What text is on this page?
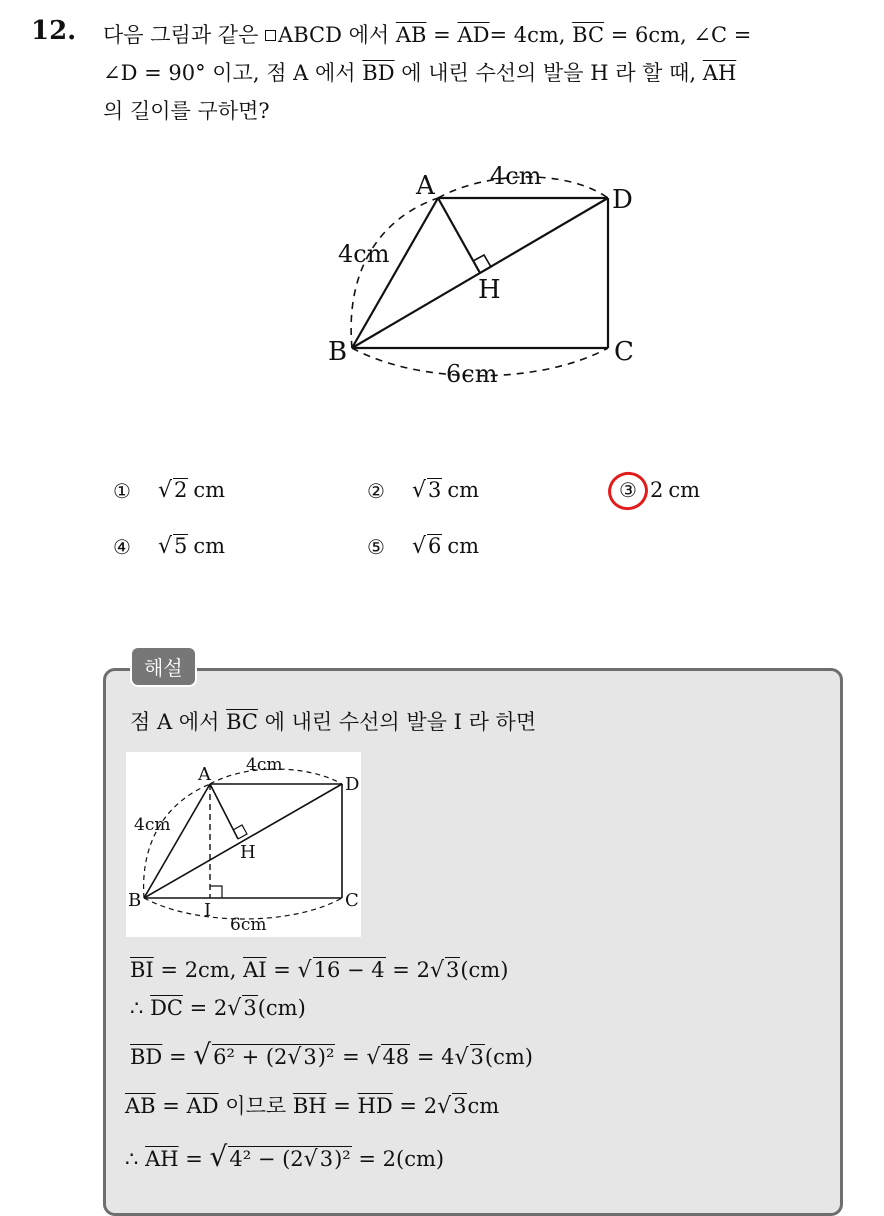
12. 다음 그림과 같은 ABCD 에서 $\overline{AB} = \overline{AD}= 4cm$, $\overline{BC} = 6cm$, ∠C =
∠D = 90° 이고, 점 A 에서 $\overline{BD}$ 에 내린 수선의 발을 H 라 할 때, $\overline{AH}$
의 길이를 구하면?
A
B	C
D
H
4cm
4cm
6cm
① √ 2 cm	② √ 3 cm	③ 2 cm
④ √ 5 cm	⑤ √ 6 cm
해설
점 A 에서 $\overline{BC}$ 에 내린 수선의 발을 I 라 하면
A
B	C
D
H
I
4cm
4cm
6cm
$\overline{BI} = 2cm$, $\overline{AI} = √16 - 4 = 2√3(cm)$
∴ $\overline{DC} = 2√3(cm)$
$\overline{BD} = √6^2 + (2√3)^2 = √48 = 4√3(cm)$
$\overline{AB} = \overline{AD}$ 이므로 $\overline{BH} = \overline{HD} = 2√3cm$
∴ $\overline{AH} = √4^2 - (2√3)^2 = 2(cm)$
